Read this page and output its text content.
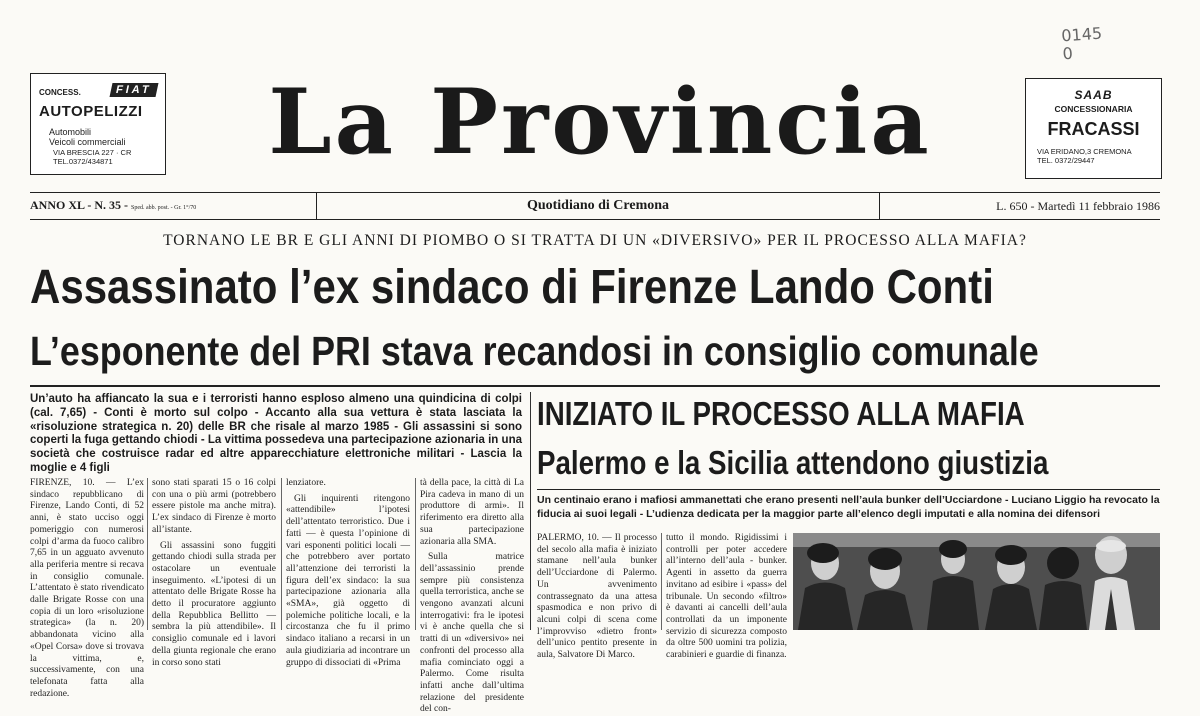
0145
0
CONCESS.	FIAT
AUTOPELIZZI
Automobili
Veicoli commerciali
VIA BRESCIA 227 · CR
TEL.0372/434871	La Provincia	SAAB
CONCESSIONARIA
FRACASSI
VIA ERIDANO,3 CREMONA
TEL. 0372/29447
ANNO XL - N. 35 - Sped. abb. post. - Gr. 1°/70	Quotidiano di Cremona	L. 650 - Martedì 11 febbraio 1986
TORNANO LE BR E GLI ANNI DI PIOMBO O SI TRATTA DI UN «DIVERSIVO» PER IL PROCESSO ALLA MAFIA?
Assassinato l’ex sindaco di Firenze Lando Conti
L’esponente del PRI stava recandosi in consiglio comunale
Un’auto ha affiancato la sua e i terroristi hanno esploso almeno una quindicina di colpi (cal. 7,65) - Conti è morto sul colpo - Accanto alla sua vettura è stata lasciata la «risoluzione strategica n. 20) delle BR che risale al marzo 1985 - Gli assassini si sono coperti la fuga gettando chiodi - La vittima possedeva una partecipazione azionaria in una società che costruisce radar ed altre apparecchiature elettroniche militari - Lascia la moglie e 4 figli

FIRENZE, 10. — L’ex sindaco repubblicano di Firenze, Lando Conti, di 52 anni, è stato ucciso oggi pomeriggio con numerosi colpi d’arma da fuoco calibro 7,65 in un agguato avvenuto alla periferia mentre si recava in consiglio comunale. L’attentato è stato rivendicato dalle Brigate Rosse con una copia di un loro «risoluzione strategica» (la n. 20) abbandonata vicino alla «Opel Corsa» dove si trovava la vittima, e, successivamente, con una telefonata fatta alla redazione.

sono stati sparati 15 o 16 colpi con una o più armi (potrebbero essere pistole ma anche mitra). L’ex sindaco di Firenze è morto all’istante.

Gli assassini sono fuggiti gettando chiodi sulla strada per ostacolare un eventuale inseguimento. «L’ipotesi di un attentato delle Brigate Rosse ha detto il procuratore aggiunto della Repubblica Bellitto — sembra la più attendibile». Il consiglio comunale ed i lavori della giunta regionale che erano in corso sono stati

lenziatore.

Gli inquirenti ritengono «attendibile» l’ipotesi dell’attentato terroristico. Due i fatti — è questa l’opinione di vari esponenti politici locali — che potrebbero aver portato all’attenzione dei terroristi la figura dell’ex sindaco: la sua partecipazione azionaria alla «SMA», già oggetto di polemiche politiche locali, e la circostanza che fu il primo sindaco italiano a recarsi in un aula giudiziaria ad incontrare un gruppo di dissociati di «Prima

tà della pace, la città di La Pira cadeva in mano di un produttore di armi». Il riferimento era diretto alla sua partecipazione azionaria alla SMA.

Sulla matrice dell’assassinio prende sempre più consistenza quella terroristica, anche se vengono avanzati alcuni interrogativi: fra le ipotesi vi è anche quella che si tratti di un «diversivo» nei confronti del processo alla mafia cominciato oggi a Palermo. Come risulta infatti anche dall’ultima relazione del presidente del con-

INIZIATO IL PROCESSO ALLA MAFIA
Palermo e la Sicilia attendono giustizia
Un centinaio erano i mafiosi ammanettati che erano presenti nell’aula bunker dell’Ucciardone - Luciano Liggio ha revocato la fiducia ai suoi legali - L’udienza dedicata per la maggior parte all’elenco degli imputati e alla nomina dei difensori

PALERMO, 10. — Il processo del secolo alla mafia è iniziato stamane nell’aula bunker dell’Ucciardone di Palermo. Un avvenimento contrassegnato da una attesa spasmodica e non privo di alcuni colpi di scena come l’improvviso «dietro front» dell’unico pentito presente in aula, Salvatore Di Marco.

tutto il mondo. Rigidissimi i controlli per poter accedere all’interno dell’aula - bunker. Agenti in assetto da guerra invitano ad esibire i «pass» del tribunale. Un secondo «filtro» è davanti ai cancelli dell’aula controllati da un imponente servizio di sicurezza composto da oltre 500 uomini tra polizia, carabinieri e guardie di finanza.
